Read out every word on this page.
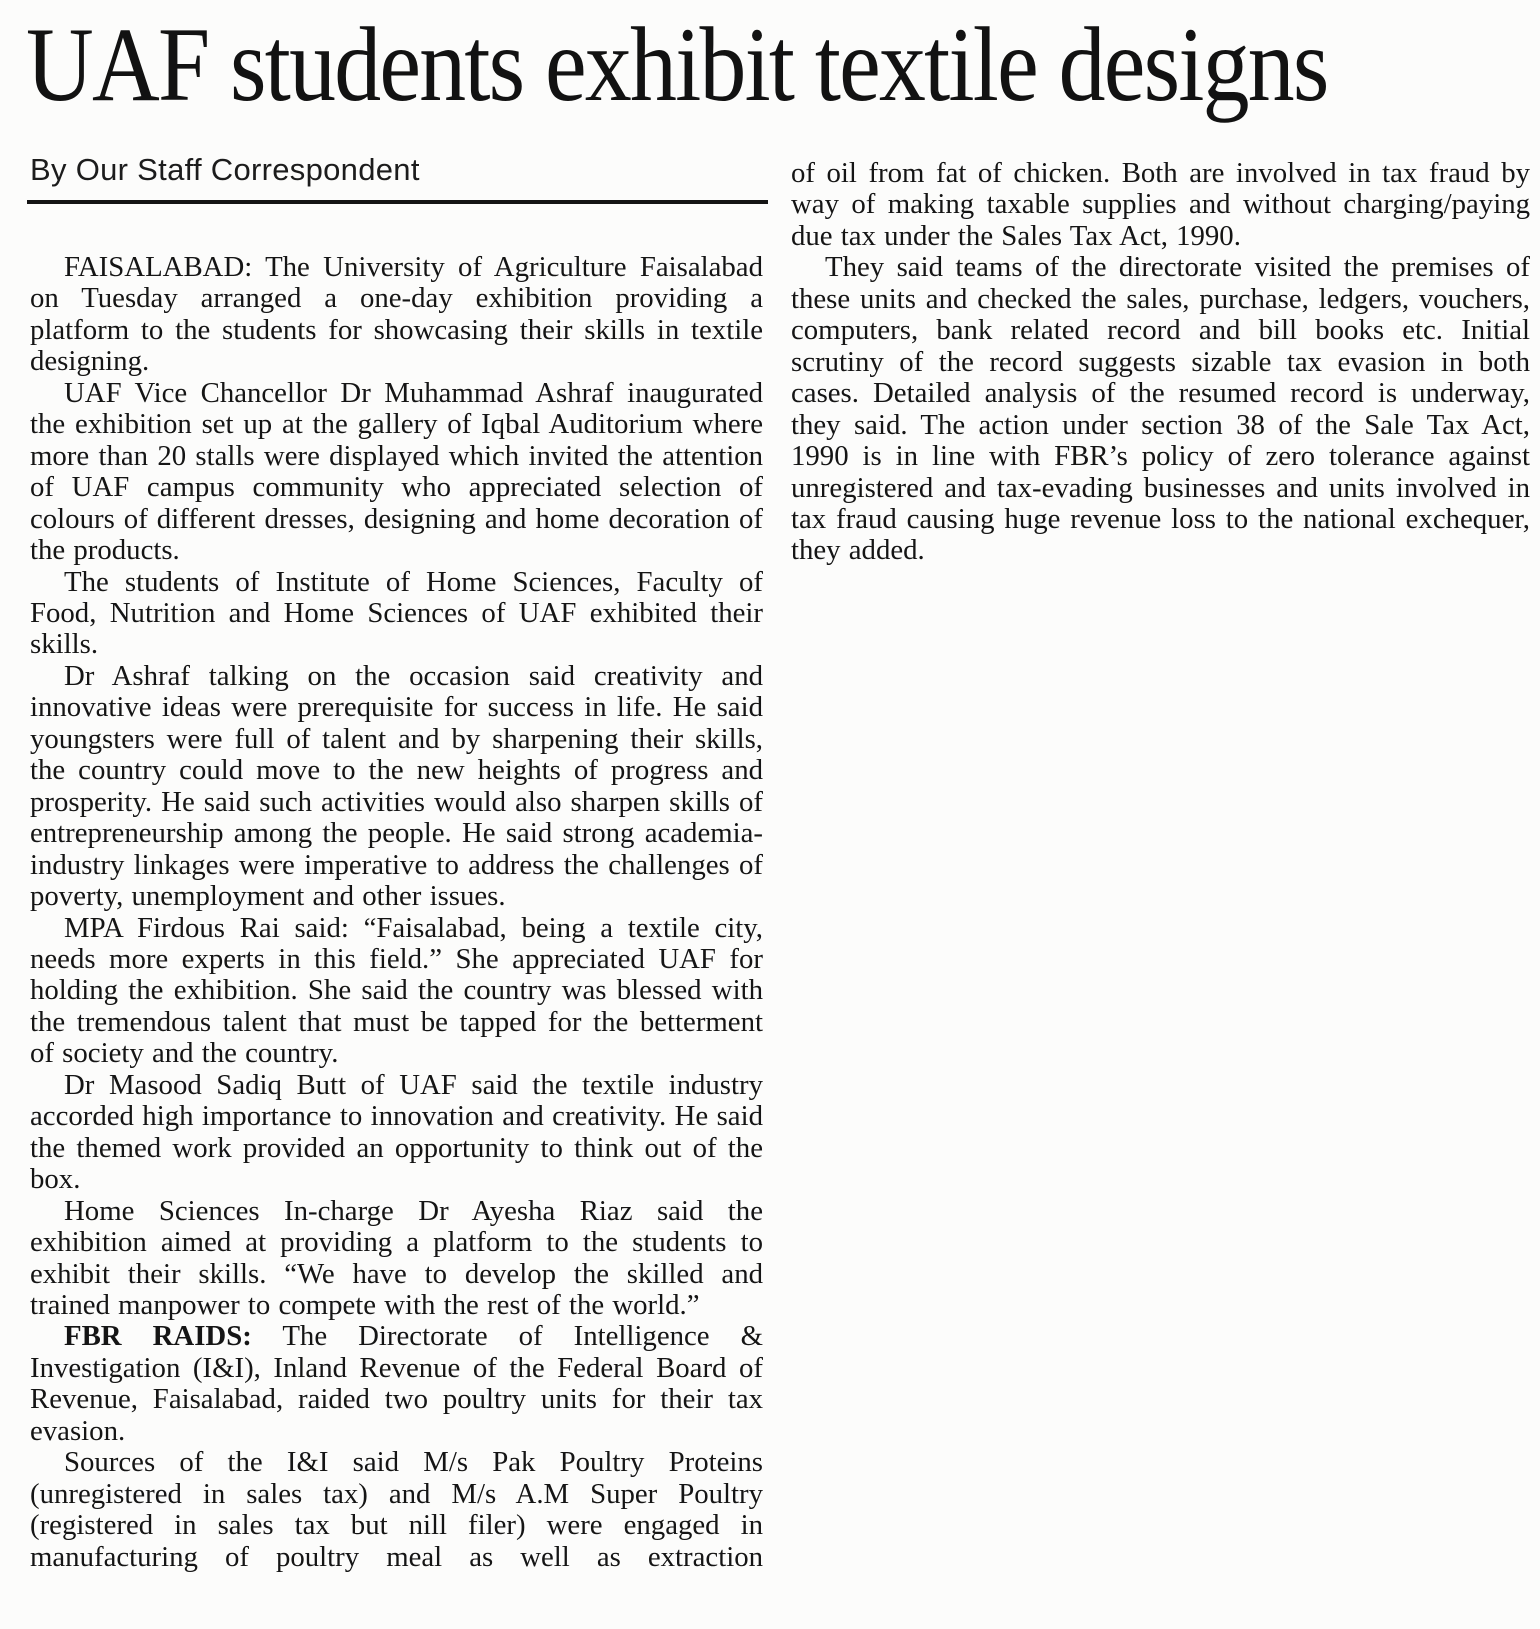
UAF students exhibit textile designs
By Our Staff Correspondent

FAISALABAD: The University of Agriculture Faisalabad on Tuesday arranged a one-day exhibition providing a platform to the students for showcasing their skills in textile designing.

UAF Vice Chancellor Dr Muhammad Ashraf inaugurated the exhibition set up at the gallery of Iqbal Auditorium where more than 20 stalls were displayed which invited the attention of UAF campus community who appreciated selection of colours of different dresses, designing and home decoration of the products.

The students of Institute of Home Sciences, Faculty of Food, Nutrition and Home Sciences of UAF exhibited their skills.

Dr Ashraf talking on the occasion said creativity and innovative ideas were prerequisite for success in life. He said youngsters were full of talent and by sharpening their skills, the country could move to the new heights of progress and prosperity. He said such activities would also sharpen skills of entrepreneurship among the people. He said strong academia-industry linkages were imperative to address the challenges of poverty, unemployment and other issues.

MPA Firdous Rai said: “Faisalabad, being a textile city, needs more experts in this field.” She appreciated UAF for holding the exhibition. She said the country was blessed with the tremendous talent that must be tapped for the betterment of society and the country.

Dr Masood Sadiq Butt of UAF said the textile industry accorded high importance to innovation and creativity. He said the themed work provided an opportunity to think out of the box.

Home Sciences In-charge Dr Ayesha Riaz said the exhibition aimed at providing a platform to the students to exhibit their skills. “We have to develop the skilled and trained manpower to compete with the rest of the world.”

FBR RAIDS: The Directorate of Intelligence & Investigation (I&I), Inland Revenue of the Federal Board of Revenue, Faisalabad, raided two poultry units for their tax evasion.

Sources of the I&I said M/s Pak Poultry Proteins (unregistered in sales tax) and M/s A.M Super Poultry (registered in sales tax but nill filer) were engaged in manufacturing of poultry meal as well as extraction

of oil from fat of chicken. Both are involved in tax fraud by way of making taxable supplies and without charging/paying due tax under the Sales Tax Act, 1990.

They said teams of the directorate visited the premises of these units and checked the sales, purchase, ledgers, vouchers, computers, bank related record and bill books etc. Initial scrutiny of the record suggests sizable tax evasion in both cases. Detailed analysis of the resumed record is underway, they said. The action under section 38 of the Sale Tax Act, 1990 is in line with FBR’s policy of zero tolerance against unregistered and tax-evading businesses and units involved in tax fraud causing huge revenue loss to the national exchequer, they added.
